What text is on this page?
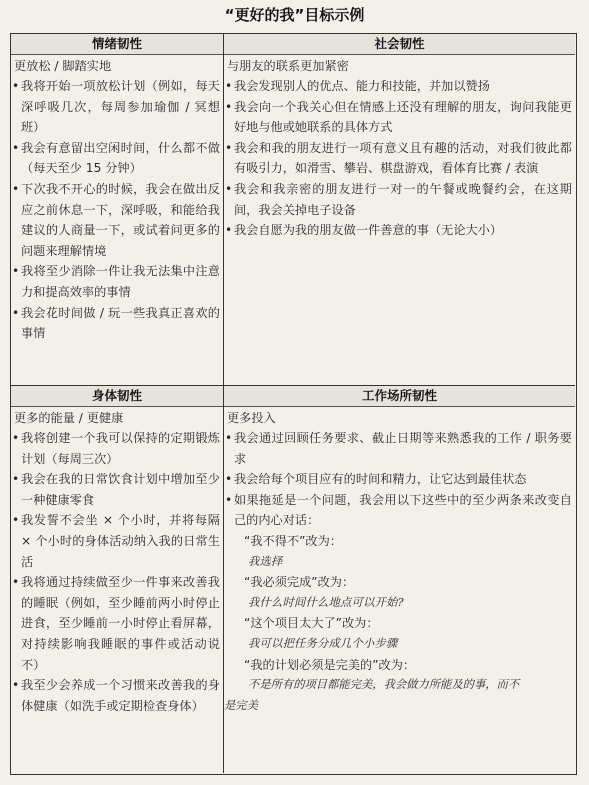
“更好的我”目标示例
情绪韧性
更放松 / 脚踏实地
• 我将开始一项放松计划（例如，每天深呼吸几次，每周参加瑜伽 / 冥想班）
• 我会有意留出空闲时间，什么都不做（每天至少 15 分钟）
• 下次我不开心的时候，我会在做出反应之前休息一下，深呼吸，和能给我建议的人商量一下，或试着问更多的问题来理解情境
• 我将至少消除一件让我无法集中注意力和提高效率的事情
• 我会花时间做 / 玩一些我真正喜欢的事情
社会韧性
与朋友的联系更加紧密
• 我会发现别人的优点、能力和技能，并加以赞扬
• 我会向一个我关心但在情感上还没有理解的朋友，询问我能更好地与他或她联系的具体方式
• 我会和我的朋友进行一项有意义且有趣的活动，对我们彼此都有吸引力，如滑雪、攀岩、棋盘游戏，看体育比赛 / 表演
• 我会和我亲密的朋友进行一对一的午餐或晚餐约会，在这期间，我会关掉电子设备
• 我会自愿为我的朋友做一件善意的事（无论大小）
身体韧性
更多的能量 / 更健康
• 我将创建一个我可以保持的定期锻炼计划（每周三次）
• 我会在我的日常饮食计划中增加至少一种健康零食
• 我发誓不会坐 × 个小时，并将每隔 × 个小时的身体活动纳入我的日常生活
• 我将通过持续做至少一件事来改善我的睡眠（例如，至少睡前两小时停止进食，至少睡前一小时停止看屏幕，对持续影响我睡眠的事件或活动说不）
• 我至少会养成一个习惯来改善我的身体健康（如洗手或定期检查身体）
工作场所韧性
更多投入
• 我会通过回顾任务要求、截止日期等来熟悉我的工作 / 职务要求
• 我会给每个项目应有的时间和精力，让它达到最佳状态
• 如果拖延是一个问题，我会用以下这些中的至少两条来改变自己的内心对话：
“我不得不”改为：
我选择
“我必须完成”改为：
我什么时间什么地点可以开始?
“这个项目太大了”改为：
我可以把任务分成几个小步骤
“我的计划必须是完美的”改为：
不是所有的项目都能完美，我会做力所能及的事，而不
是完美
